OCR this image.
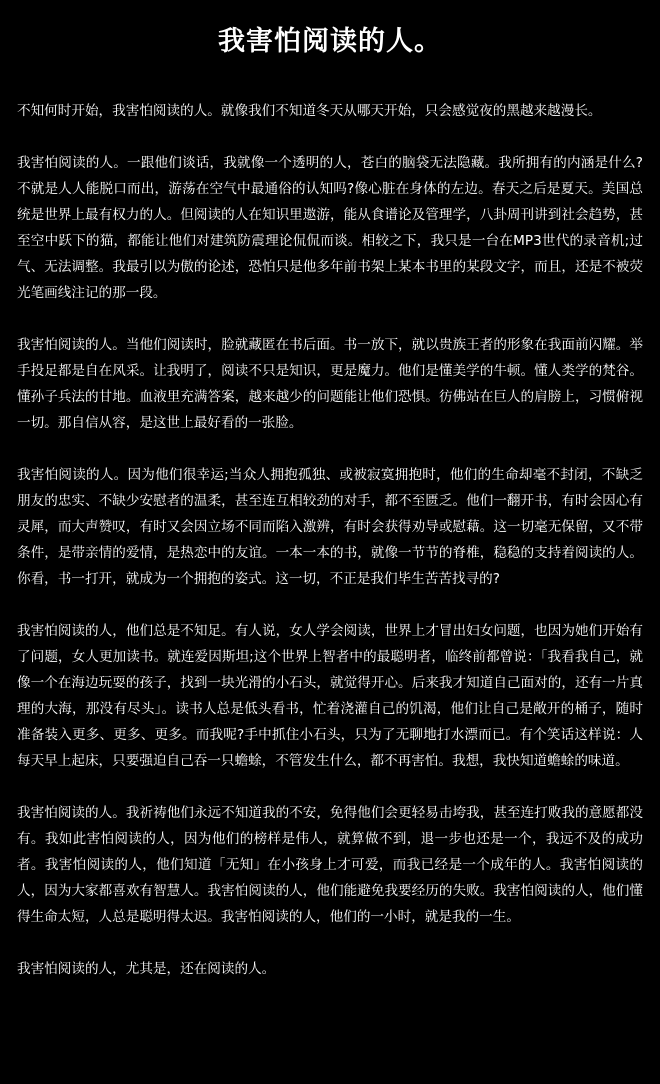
我害怕阅读的人。

不知何时开始，我害怕阅读的人。就像我们不知道冬天从哪天开始，只会感觉夜的黑越来越漫长。

我害怕阅读的人。一跟他们谈话，我就像一个透明的人，苍白的脑袋无法隐藏。我所拥有的内涵是什么?不就是人人能脱口而出，游荡在空气中最通俗的认知吗?像心脏在身体的左边。春天之后是夏天。美国总统是世界上最有权力的人。但阅读的人在知识里遨游，能从食谱论及管理学，八卦周刊讲到社会趋势，甚至空中跃下的猫，都能让他们对建筑防震理论侃侃而谈。相较之下，我只是一台在MP3世代的录音机;过气、无法调整。我最引以为傲的论述，恐怕只是他多年前书架上某本书里的某段文字，而且，还是不被荧光笔画线注记的那一段。

我害怕阅读的人。当他们阅读时，脸就藏匿在书后面。书一放下，就以贵族王者的形象在我面前闪耀。举手投足都是自在风采。让我明了，阅读不只是知识，更是魔力。他们是懂美学的牛顿。懂人类学的梵谷。懂孙子兵法的甘地。血液里充满答案，越来越少的问题能让他们恐惧。彷佛站在巨人的肩膀上，习惯俯视一切。那自信从容，是这世上最好看的一张脸。

我害怕阅读的人。因为他们很幸运;当众人拥抱孤独、或被寂寞拥抱时，他们的生命却毫不封闭，不缺乏朋友的忠实、不缺少安慰者的温柔，甚至连互相较劲的对手，都不至匮乏。他们一翻开书，有时会因心有灵犀，而大声赞叹，有时又会因立场不同而陷入激辨，有时会获得劝导或慰藉。这一切毫无保留，又不带条件，是带亲情的爱情，是热恋中的友谊。一本一本的书，就像一节节的脊椎，稳稳的支持着阅读的人。你看，书一打开，就成为一个拥抱的姿式。这一切，不正是我们毕生苦苦找寻的?

我害怕阅读的人，他们总是不知足。有人说，女人学会阅读，世界上才冒出妇女问题，也因为她们开始有了问题，女人更加读书。就连爱因斯坦;这个世界上智者中的最聪明者，临终前都曾说：「我看我自己，就像一个在海边玩耍的孩子，找到一块光滑的小石头，就觉得开心。后来我才知道自己面对的，还有一片真理的大海，那没有尽头」。读书人总是低头看书，忙着浇灌自己的饥渴，他们让自己是敞开的桶子，随时准备装入更多、更多、更多。而我呢?手中抓住小石头，只为了无聊地打水漂而已。有个笑话这样说：人每天早上起床，只要强迫自己吞一只蟾蜍，不管发生什么，都不再害怕。我想，我快知道蟾蜍的味道。

我害怕阅读的人。我祈祷他们永远不知道我的不安，免得他们会更轻易击垮我，甚至连打败我的意愿都没有。我如此害怕阅读的人，因为他们的榜样是伟人，就算做不到，退一步也还是一个，我远不及的成功者。我害怕阅读的人，他们知道「无知」在小孩身上才可爱，而我已经是一个成年的人。我害怕阅读的人，因为大家都喜欢有智慧人。我害怕阅读的人，他们能避免我要经历的失败。我害怕阅读的人，他们懂得生命太短，人总是聪明得太迟。我害怕阅读的人，他们的一小时，就是我的一生。

我害怕阅读的人，尤其是，还在阅读的人。
